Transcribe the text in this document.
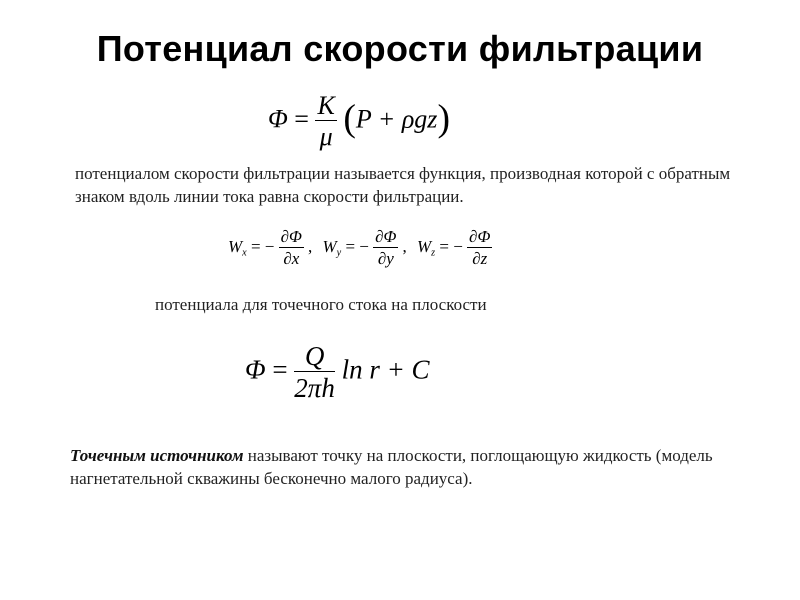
Потенциал скорости фильтрации
$\Phi = \frac{K}{\mu} (P + \rho gz)$
потенциалом скорости фильтрации называется функция, производная которой с обратным знаком вдоль линии тока равна скорости фильтрации.
$W_x$ = − $\frac{\partial\Phi}{\partial x}$ , $W_y$ = − $\frac{\partial\Phi}{\partial y}$ , $W_z$ = − $\frac{\partial\Phi}{\partial z}$
потенциала для точечного стока на плоскости
$\Phi = \frac{Q}{2\pi h}$ ln r + C
Точечным источником называют точку на плоскости, поглощающую жидкость (модель нагнетательной скважины бесконечно малого радиуса).
